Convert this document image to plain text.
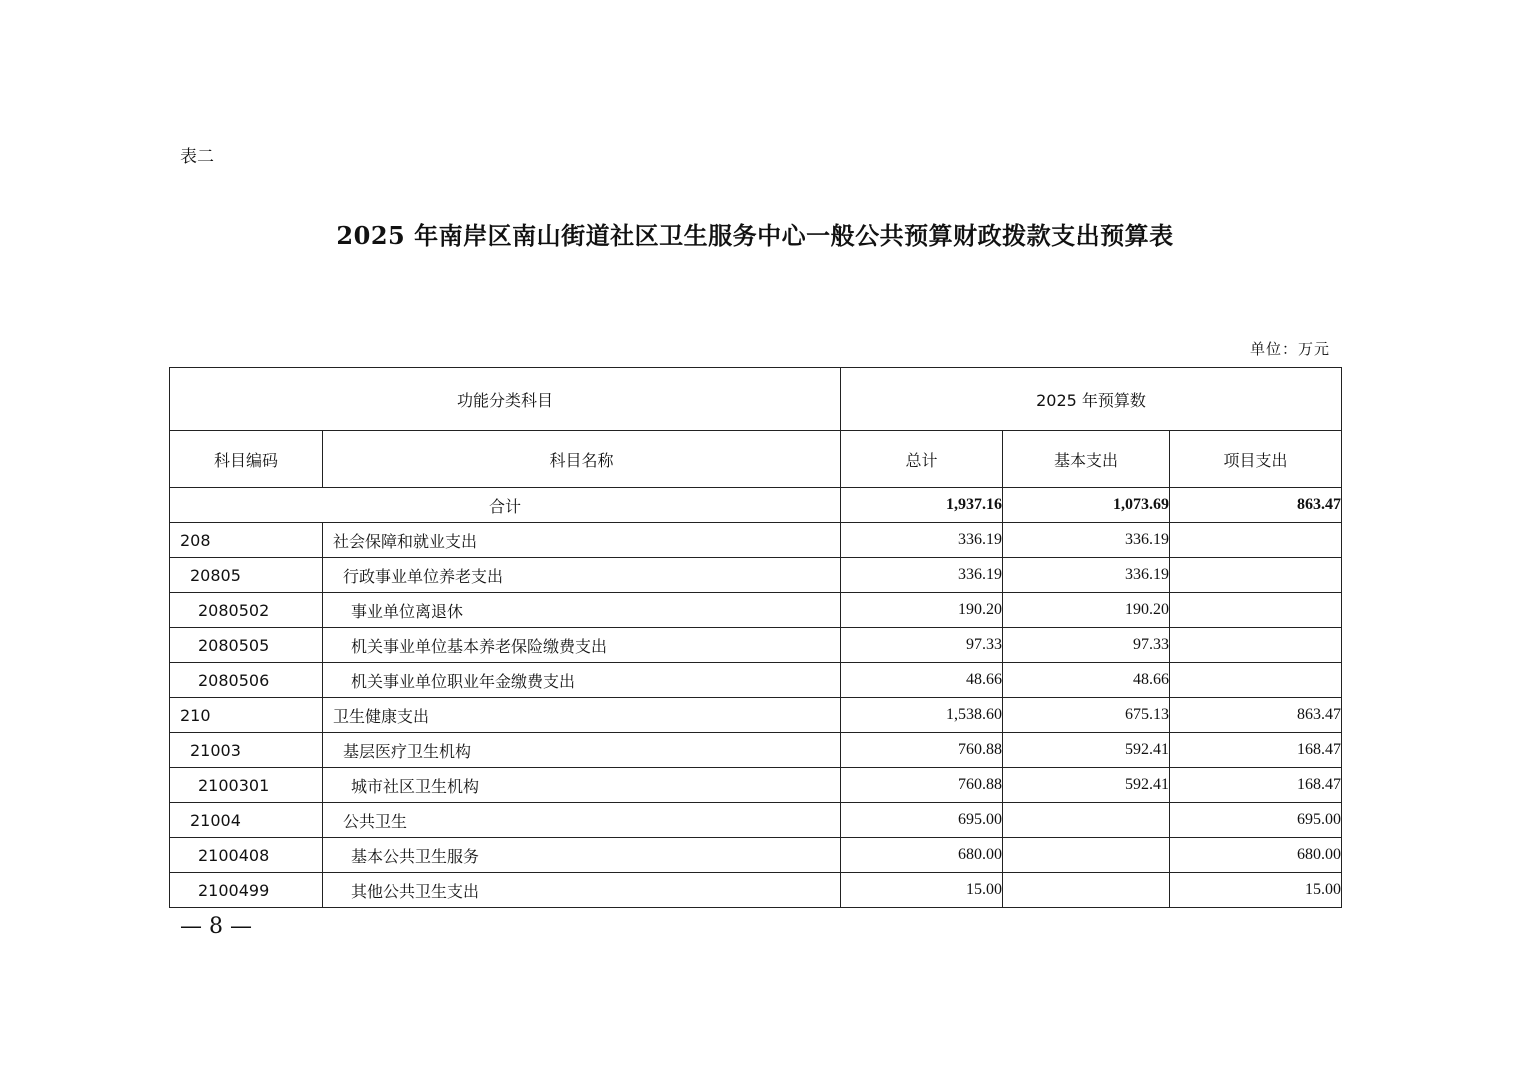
表二
2025 年南岸区南山街道社区卫生服务中心一般公共预算财政拨款支出预算表
单位：万元
功能分类科目		2025 年预算数		
科目编码	科目名称	总计	基本支出	项目支出
合计		1,937.16	1,073.69	863.47
208	社会保障和就业支出	336.19	336.19	
20805	行政事业单位养老支出	336.19	336.19	
2080502	事业单位离退休	190.20	190.20	
2080505	机关事业单位基本养老保险缴费支出	97.33	97.33	
2080506	机关事业单位职业年金缴费支出	48.66	48.66	
210	卫生健康支出	1,538.60	675.13	863.47
21003	基层医疗卫生机构	760.88	592.41	168.47
2100301	城市社区卫生机构	760.88	592.41	168.47
21004	公共卫生	695.00		695.00
2100408	基本公共卫生服务	680.00		680.00
2100499	其他公共卫生支出	15.00		15.00
— 8 —
